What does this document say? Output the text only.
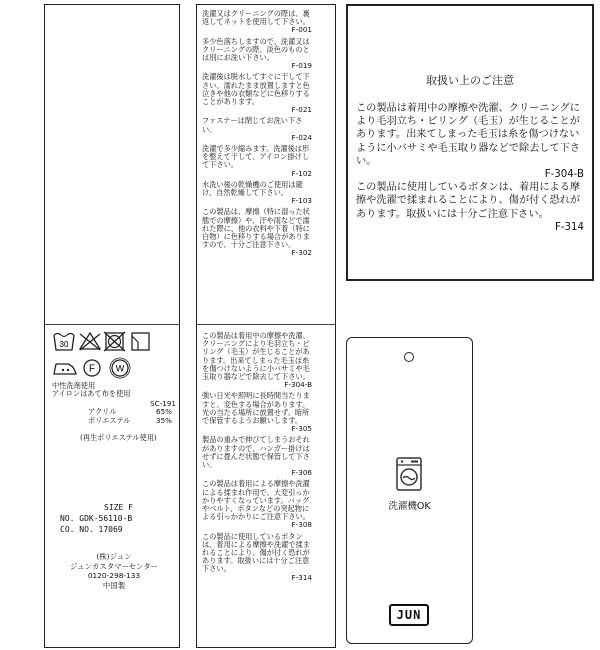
30
F W
中性洗剤使用
アイロンはあて布を使用
SC-191
アクリル	65%
ポリエステル	35%
(再生ポリエステル使用)
SIZE F
NO. GDK-56110-B
CO. NO. 17069
(株)ジュン
ジュンカスタマーセンター
0120-298-133
中国製
洗濯又はクリーニングの際は、裏返してネットを使用して下さい。
F-001
多少色落ちしますので、洗濯又はクリーニングの際、淡色のものとは別にお洗い下さい。
F-019
洗濯後は脱水してすぐに干して下さい。濡れたまま放置しますと色泣きや他の衣類などに色移りすることがあります。
F-021
ファスナーは閉じてお洗い下さい。
F-024
洗濯で多少縮みます。洗濯後は形を整えて干して、アイロン掛けして下さい。
F-102
水洗い後の乾燥機のご使用は避け、自然乾燥して下さい。
F-103
この製品は、摩擦（特に湿った状態での摩擦）や、汗や雨などで濡れた際に、他の衣料や下着（特に白物）に色移りする場合がありますので、十分ご注意下さい。
F-302
この製品は着用中の摩擦や洗濯、クリーニングにより毛羽立ち・ピリング（毛玉）が生じることがあります。出来てしまった毛玉は糸を傷つけないように小バサミや毛玉取り器などで除去して下さい。
F-304-B
強い日光や照明に長時間当たりますと、変色する場合があります。光の当たる場所に放置せず、暗所で保管するようお願いします。
F-305
製品の重みで伸びてしまうおそれがありますので、ハンガー掛けはせずに畳んだ状態で保管して下さい。
F-306
この製品は着用による摩擦や洗濯による揉まれ作用で、大変引っかかりやすくなっています。バッグやベルト、ボタンなどの突起物による引っかかりにご注意下さい。
F-308
この製品に使用しているボタンは、着用による摩擦や洗濯で揉まれることにより、傷が付く恐れがあります。取扱いには十分ご注意下さい。
F-314
取扱い上のご注意
この製品は着用中の摩擦や洗濯、クリーニングにより毛羽立ち・ピリング（毛玉）が生じることがあります。出来てしまった毛玉は糸を傷つけないように小バサミや毛玉取り器などで除去して下さい。
F-304-B
この製品に使用しているボタンは、着用による摩擦や洗濯で揉まれることにより、傷が付く恐れがあります。取扱いには十分ご注意下さい。
F-314
洗濯機OK
JUN
